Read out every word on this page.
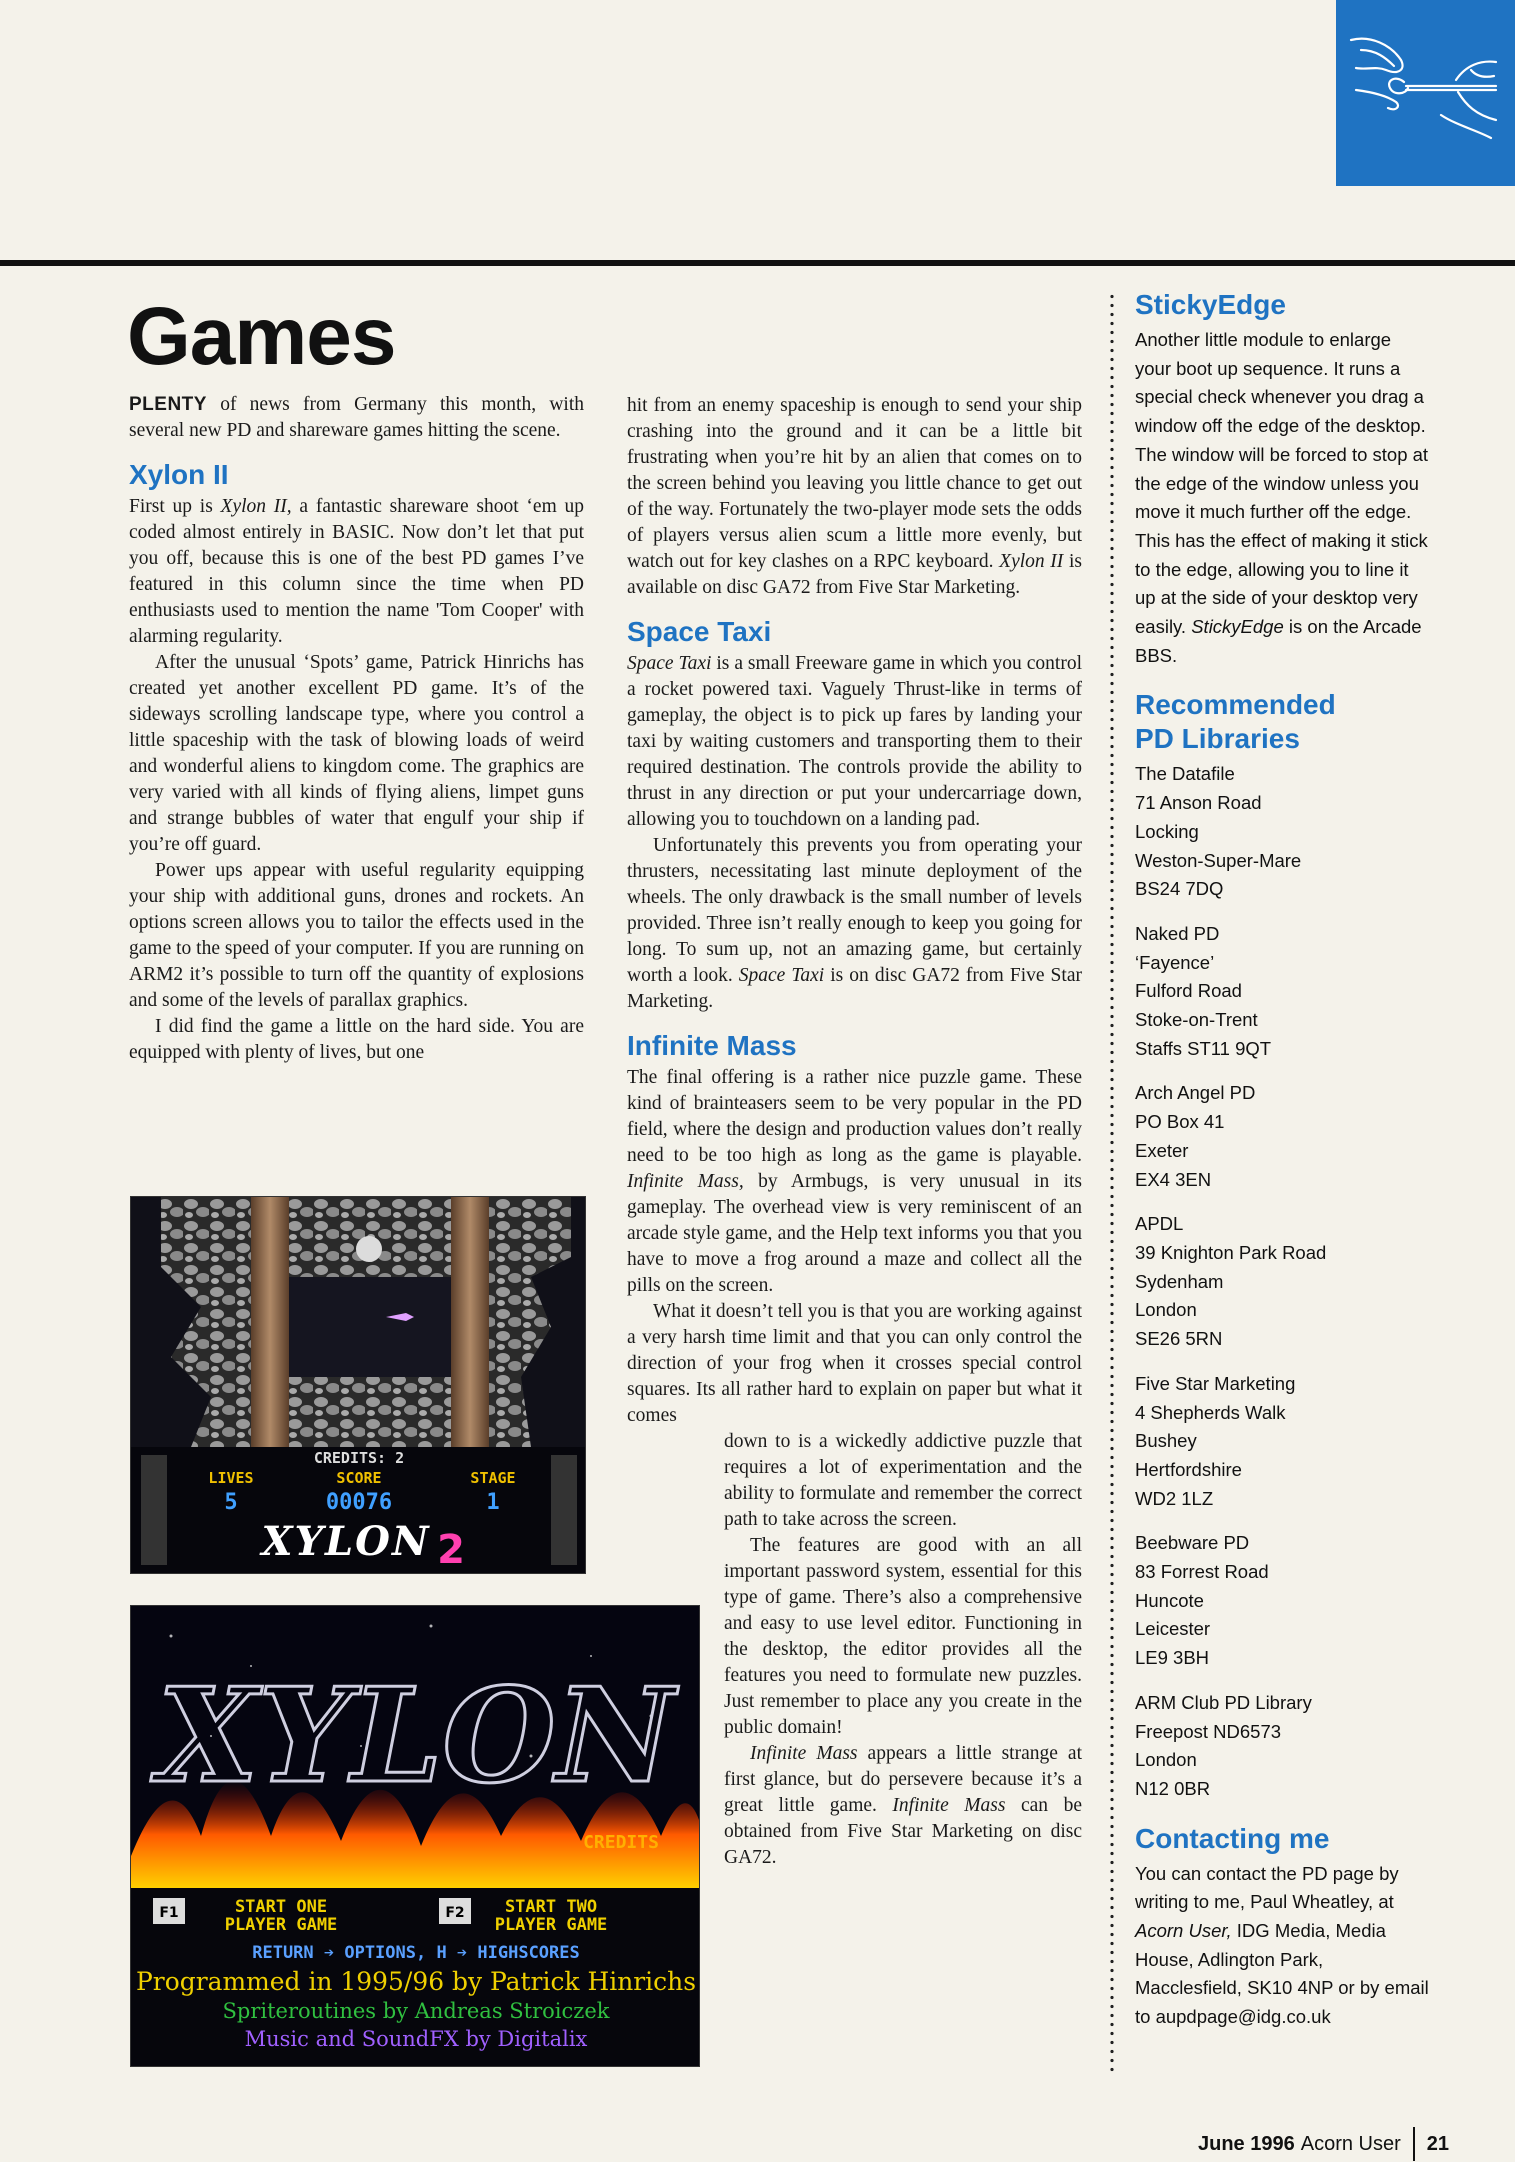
Games

PLENTY of news from Germany this month, with several new PD and shareware games hitting the scene.

Xylon II

First up is Xylon II, a fantastic shareware shoot ‘em up coded almost entirely in BASIC. Now don’t let that put you off, because this is one of the best PD games I’ve featured in this column since the time when PD enthusiasts used to mention the name 'Tom Cooper' with alarming regularity.

After the unusual ‘Spots’ game, Patrick Hinrichs has created yet another excellent PD game. It’s of the sideways scrolling landscape type, where you control a little spaceship with the task of blowing loads of weird and wonderful aliens to kingdom come. The graphics are very varied with all kinds of flying aliens, limpet guns and strange bubbles of water that engulf your ship if you’re off guard.

Power ups appear with useful regularity equipping your ship with additional guns, drones and rockets. An options screen allows you to tailor the effects used in the game to the speed of your computer. If you are running on ARM2 it’s possible to turn off the quantity of explosions and some of the levels of parallax graphics.

I did find the game a little on the hard side. You are equipped with plenty of lives, but one

CREDITS: 2
LIVES	SCORE	STAGE
5	00076	1
XYLON 2
XYLON
CREDITS
F1	START ONE
PLAYER GAME
F2 START TWO
PLAYER GAME
RETURN ➔ OPTIONS, H ➔ HIGHSCORES
Programmed in 1995/96 by Patrick Hinrichs
Spriteroutines by Andreas Stroiczek
Music and SoundFX by Digitalix

hit from an enemy spaceship is enough to send your ship crashing into the ground and it can be a little bit frustrating when you’re hit by an alien that comes on to the screen behind you leaving you little chance to get out of the way. Fortunately the two-player mode sets the odds of players versus alien scum a little more evenly, but watch out for key clashes on a RPC keyboard. Xylon II is available on disc GA72 from Five Star Marketing.

Space Taxi

Space Taxi is a small Freeware game in which you control a rocket powered taxi. Vaguely Thrust-like in terms of gameplay, the object is to pick up fares by landing your taxi by waiting customers and transporting them to their required destination. The controls provide the ability to thrust in any direction or put your undercarriage down, allowing you to touchdown on a landing pad.

Unfortunately this prevents you from operating your thrusters, necessitating last minute deployment of the wheels. The only drawback is the small number of levels provided. Three isn’t really enough to keep you going for long. To sum up, not an amazing game, but certainly worth a look. Space Taxi is on disc GA72 from Five Star Marketing.

Infinite Mass

The final offering is a rather nice puzzle game. These kind of brainteasers seem to be very popular in the PD field, where the design and production values don’t really need to be too high as long as the game is playable. Infinite Mass, by Armbugs, is very unusual in its gameplay. The overhead view is very reminiscent of an arcade style game, and the Help text informs you that you have to move a frog around a maze and collect all the pills on the screen.

What it doesn’t tell you is that you are working against a very harsh time limit and that you can only control the direction of your frog when it crosses special control squares. Its all rather hard to explain on paper but what it comes

down to is a wickedly addictive puzzle that requires a lot of experimentation and the ability to formulate and remember the correct path to take across the screen.

The features are good with an all important password system, essential for this type of game. There’s also a comprehensive and easy to use level editor. Functioning in the desktop, the editor provides all the features you need to formulate new puzzles. Just remember to place any you create in the public domain!

Infinite Mass appears a little strange at first glance, but do persevere because it’s a great little game. Infinite Mass can be obtained from Five Star Marketing on disc GA72.

StickyEdge

Another little module to enlarge your boot up sequence. It runs a special check whenever you drag a window off the edge of the desktop. The window will be forced to stop at the edge of the window unless you move it much further off the edge. This has the effect of making it stick to the edge, allowing you to line it up at the side of your desktop very easily. StickyEdge is on the Arcade BBS.

Recommended
PD Libraries
The Datafile
71 Anson Road
Locking
Weston-Super-Mare
BS24 7DQ
Naked PD
‘Fayence’
Fulford Road
Stoke-on-Trent
Staffs ST11 9QT
Arch Angel PD
PO Box 41
Exeter
EX4 3EN
APDL
39 Knighton Park Road
Sydenham
London
SE26 5RN
Five Star Marketing
4 Shepherds Walk
Bushey
Hertfordshire
WD2 1LZ
Beebware PD
83 Forrest Road
Huncote
Leicester
LE9 3BH
ARM Club PD Library
Freepost ND6573
London
N12 0BR
Contacting me

You can contact the PD page by writing to me, Paul Wheatley, at Acorn User, IDG Media, Media House, Adlington Park, Macclesfield, SK10 4NP or by email to aupdpage@idg.co.uk

June 1996 Acorn User 21
